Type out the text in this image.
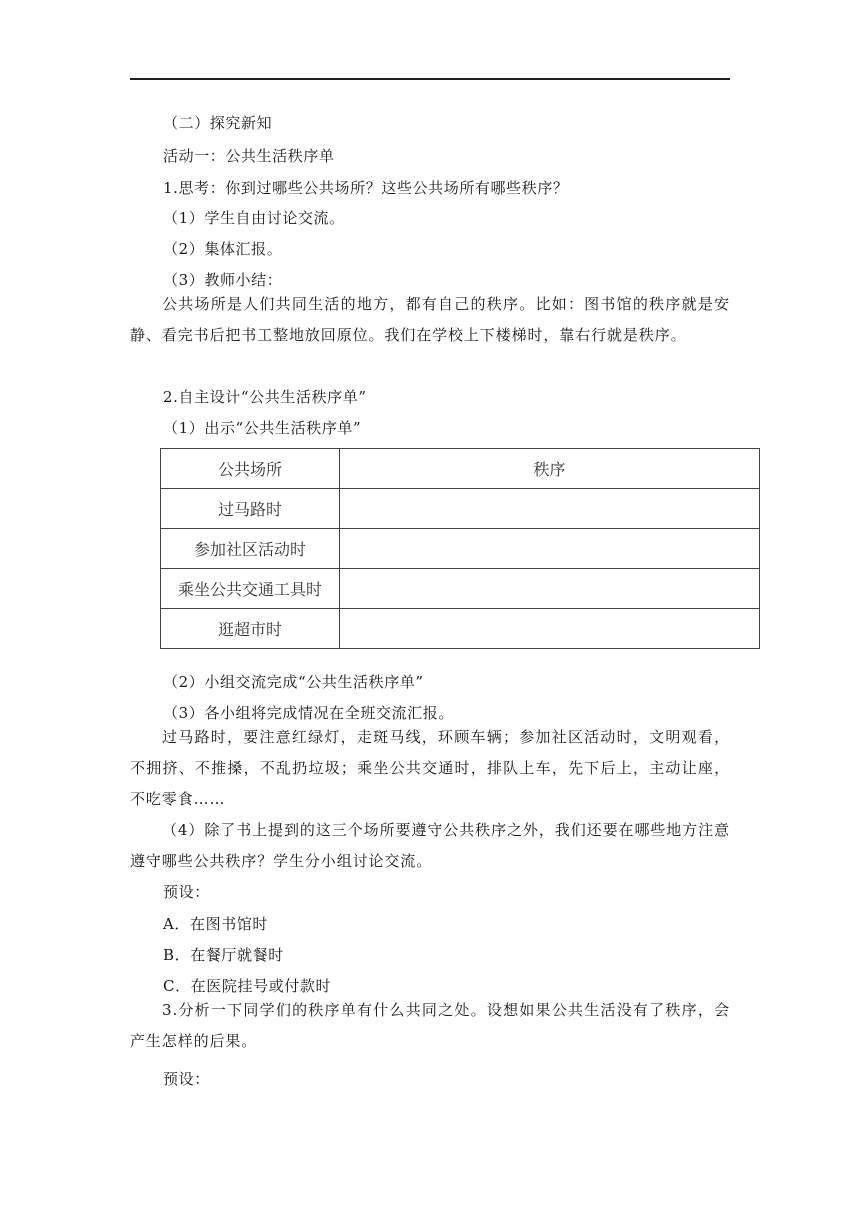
（二）探究新知
活动一：公共生活秩序单
1.思考：你到过哪些公共场所？这些公共场所有哪些秩序？
（1）学生自由讨论交流。
（2）集体汇报。
（3）教师小结：
公共场所是人们共同生活的地方，都有自己的秩序。比如：图书馆的秩序就是安静、看完书后把书工整地放回原位。我们在学校上下楼梯时，靠右行就是秩序。
2.自主设计“公共生活秩序单”
（1）出示“公共生活秩序单”
公共场所	秩序
过马路时	
参加社区活动时	
乘坐公共交通工具时	
逛超市时	
（2）小组交流完成“公共生活秩序单”
（3）各小组将完成情况在全班交流汇报。
过马路时，要注意红绿灯，走斑马线，环顾车辆；参加社区活动时，文明观看，不拥挤、不推搡，不乱扔垃圾；乘坐公共交通时，排队上车，先下后上，主动让座，不吃零食……
（4）除了书上提到的这三个场所要遵守公共秩序之外，我们还要在哪些地方注意遵守哪些公共秩序？学生分小组讨论交流。
预设：
A．在图书馆时
B．在餐厅就餐时
C．在医院挂号或付款时
3.分析一下同学们的秩序单有什么共同之处。设想如果公共生活没有了秩序，会产生怎样的后果。
预设：
